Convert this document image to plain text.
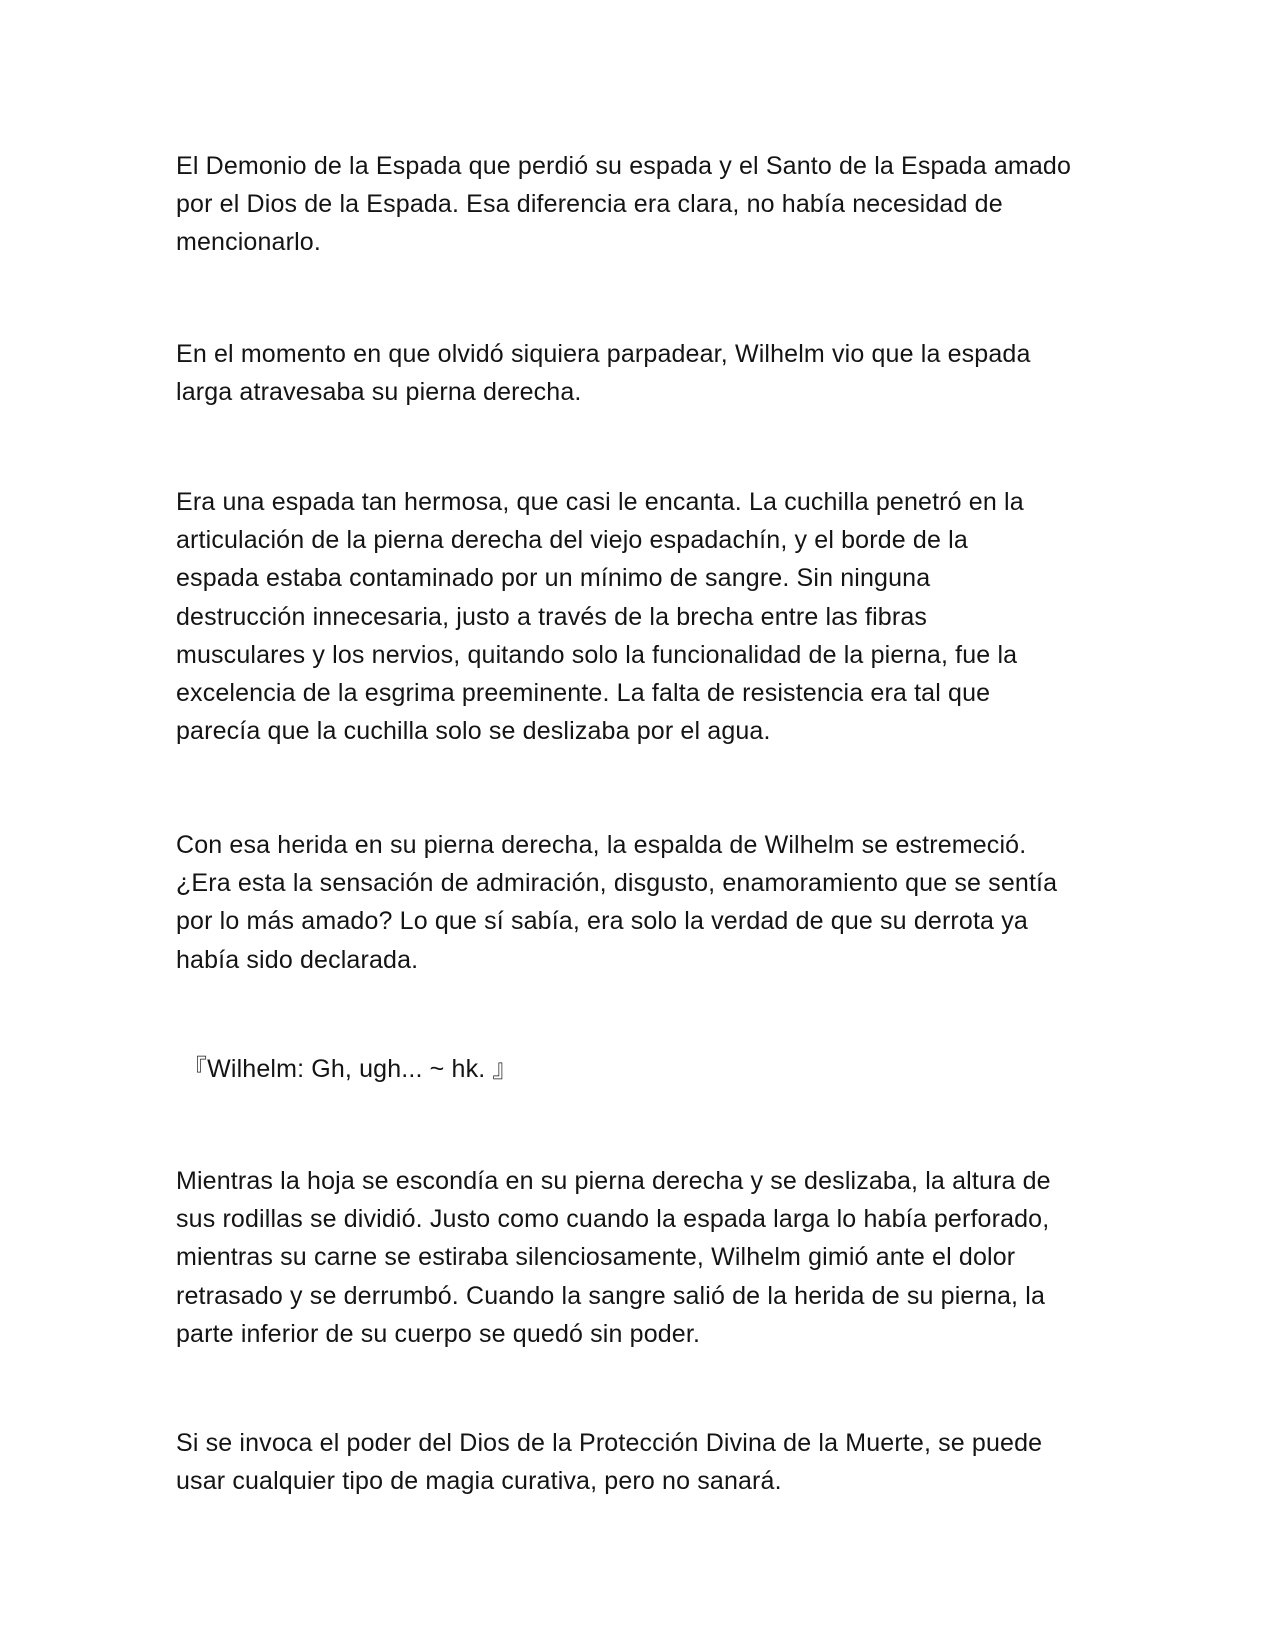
El Demonio de la Espada que perdió su espada y el Santo de la Espada amado
por el Dios de la Espada. Esa diferencia era clara, no había necesidad de
mencionarlo.

En el momento en que olvidó siquiera parpadear, Wilhelm vio que la espada
larga atravesaba su pierna derecha.

Era una espada tan hermosa, que casi le encanta. La cuchilla penetró en la
articulación de la pierna derecha del viejo espadachín, y el borde de la
espada estaba contaminado por un mínimo de sangre. Sin ninguna
destrucción innecesaria, justo a través de la brecha entre las fibras
musculares y los nervios, quitando solo la funcionalidad de la pierna, fue la
excelencia de la esgrima preeminente. La falta de resistencia era tal que
parecía que la cuchilla solo se deslizaba por el agua.

Con esa herida en su pierna derecha, la espalda de Wilhelm se estremeció.
¿Era esta la sensación de admiración, disgusto, enamoramiento que se sentía
por lo más amado? Lo que sí sabía, era solo la verdad de que su derrota ya
había sido declarada.

『Wilhelm: Gh, ugh... ~ hk. 』

Mientras la hoja se escondía en su pierna derecha y se deslizaba, la altura de
sus rodillas se dividió. Justo como cuando la espada larga lo había perforado,
mientras su carne se estiraba silenciosamente, Wilhelm gimió ante el dolor
retrasado y se derrumbó. Cuando la sangre salió de la herida de su pierna, la
parte inferior de su cuerpo se quedó sin poder.

Si se invoca el poder del Dios de la Protección Divina de la Muerte, se puede
usar cualquier tipo de magia curativa, pero no sanará.
